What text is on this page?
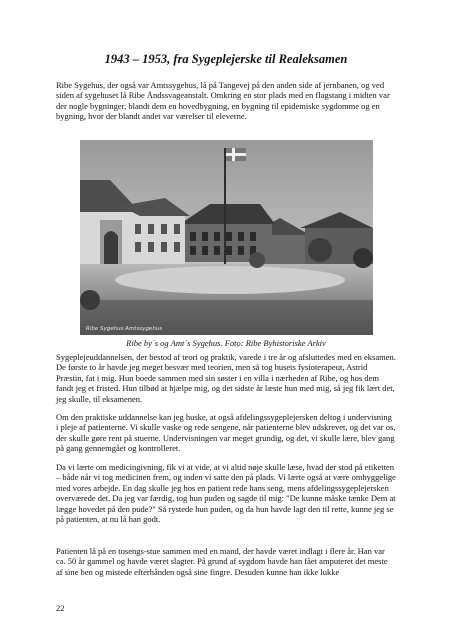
1943 – 1953, fra Sygeplejerske til Realeksamen

Ribe Sygehus, der også var Amtssygehus, lå på Tangevej på den anden side af jernbanen, og ved siden af sygehuset lå Ribe Åndssvageanstalt. Omkring en stor plads med en flagstang i midten var der nogle bygninger, blandt dem en hovedbygning, en bygning til epidemiske sygdomme og en bygning, hvor der blandt andet var værelser til eleverne.

Ribe Sygehus Amtssygehus

Ribe by´s og Amt´s Sygehus. Foto: Ribe Byhistoriske Arkiv

Sygeplejeuddannelsen, der bestod af teori og praktik, varede i tre år og afsluttedes med en eksamen. De første to år havde jeg meget besvær med teorien, men så tog husets fysioterapeut, Astrid Præstin, fat i mig. Hun boede sammen med sin søster i en villa i nærheden af Ribe, og hos dem fandt jeg et fristed. Hun tilbød at hjælpe mig, og det sidste år læste hun med mig, så jeg fik lært det, jeg skulle, til eksamenen.

Om den praktiske uddannelse kan jeg huske, at også afdelingssygeplejersken deltog i undervisning i pleje af patienterne. Vi skulle vaske og rede sengene, når patienterne blev udskrevet, og det var os, der skulle gøre rent på stuerne. Undervisningen var meget grundig, og det, vi skulle lære, blev gang på gang gennemgået og kontrolleret.

Da vi lærte om medicingivning, fik vi at vide, at vi altid nøje skulle læse, hvad der stod på etiketten – både når vi tog medicinen frem, og inden vi satte den på plads. Vi lærte også at være omhyggelige med vores arbejde. En dag skulle jeg hos en patient rede hans seng, mens afdelingssygeplejersken overværede det. Da jeg var færdig, tog hun puden og sagde til mig: "De kunne måske tænke Dem at lægge hovedet på den pude?" Så rystede hun puden, og da hun havde lagt den til rette, kunne jeg se på patienten, at nu lå han godt.

Patienten lå på en tosengs-stue sammen med en mand, der havde været indlagt i flere år. Han var ca. 50 år gammel og havde været slagter. På grund af sygdom havde han fået amputeret det meste af sine ben og mistede efterhånden også sine fingre. Desuden kunne han ikke lukke

22
